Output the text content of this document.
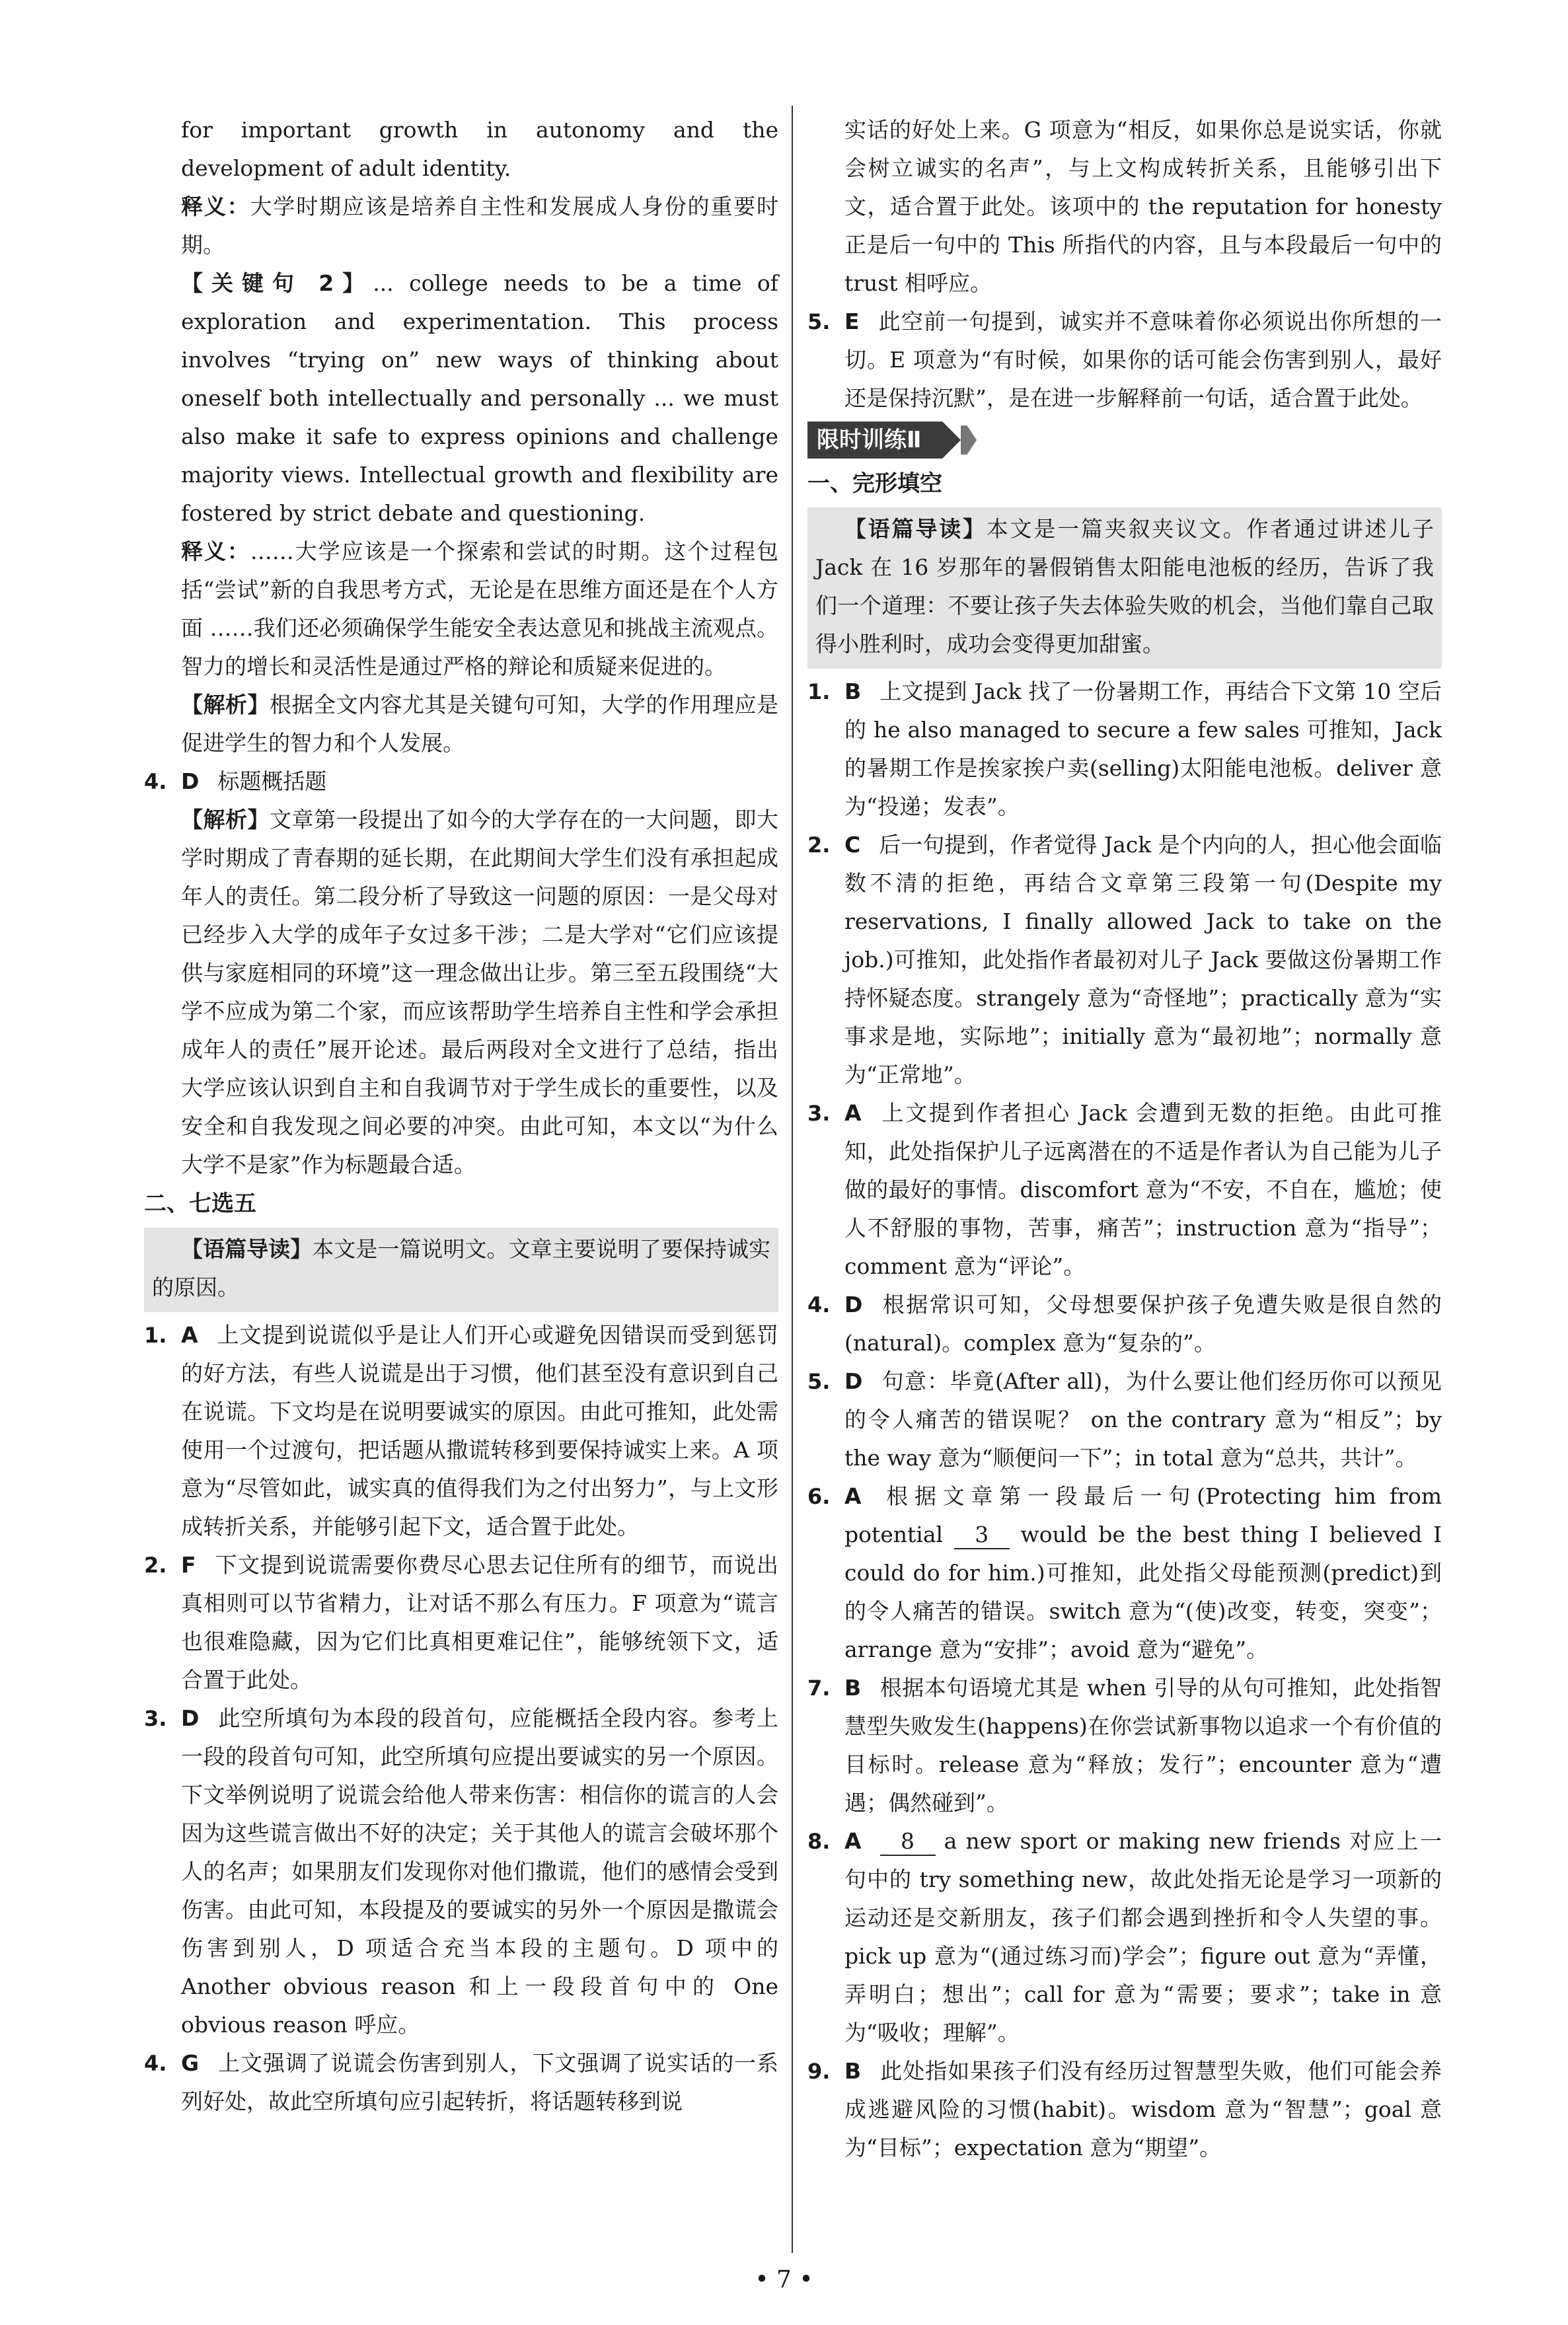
for important growth in autonomy and the development of adult identity.

释义：大学时期应该是培养自主性和发展成人身份的重要时期。

【关键句 2】... college needs to be a time of exploration and experimentation. This process involves “trying on” new ways of thinking about oneself both intellectually and personally ... we must also make it safe to express opinions and challenge majority views. Intellectual growth and flexibility are fostered by strict debate and questioning.

释义：……大学应该是一个探索和尝试的时期。这个过程包括“尝试”新的自我思考方式，无论是在思维方面还是在个人方面 ……我们还必须确保学生能安全表达意见和挑战主流观点。智力的增长和灵活性是通过严格的辩论和质疑来促进的。

【解析】根据全文内容尤其是关键句可知，大学的作用理应是促进学生的智力和个人发展。

4. D 标题概括题

【解析】文章第一段提出了如今的大学存在的一大问题，即大学时期成了青春期的延长期，在此期间大学生们没有承担起成年人的责任。第二段分析了导致这一问题的原因：一是父母对已经步入大学的成年子女过多干涉；二是大学对“它们应该提供与家庭相同的环境”这一理念做出让步。第三至五段围绕“大学不应成为第二个家，而应该帮助学生培养自主性和学会承担成年人的责任”展开论述。最后两段对全文进行了总结，指出大学应该认识到自主和自我调节对于学生成长的重要性，以及安全和自我发现之间必要的冲突。由此可知，本文以“为什么大学不是家”作为标题最合适。

二、七选五

【语篇导读】本文是一篇说明文。文章主要说明了要保持诚实的原因。

1. A 上文提到说谎似乎是让人们开心或避免因错误而受到惩罚的好方法，有些人说谎是出于习惯，他们甚至没有意识到自己在说谎。下文均是在说明要诚实的原因。由此可推知，此处需使用一个过渡句，把话题从撒谎转移到要保持诚实上来。A 项意为“尽管如此，诚实真的值得我们为之付出努力”，与上文形成转折关系，并能够引起下文，适合置于此处。

2. F 下文提到说谎需要你费尽心思去记住所有的细节，而说出真相则可以节省精力，让对话不那么有压力。F 项意为“谎言也很难隐藏，因为它们比真相更难记住”，能够统领下文，适合置于此处。

3. D 此空所填句为本段的段首句，应能概括全段内容。参考上一段的段首句可知，此空所填句应提出要诚实的另一个原因。下文举例说明了说谎会给他人带来伤害：相信你的谎言的人会因为这些谎言做出不好的决定；关于其他人的谎言会破坏那个人的名声；如果朋友们发现你对他们撒谎，他们的感情会受到伤害。由此可知，本段提及的要诚实的另外一个原因是撒谎会伤害到别人，D 项适合充当本段的主题句。D 项中的 Another obvious reason 和上一段段首句中的 One obvious reason 呼应。

4. G 上文强调了说谎会伤害到别人，下文强调了说实话的一系列好处，故此空所填句应引起转折，将话题转移到说

实话的好处上来。G 项意为“相反，如果你总是说实话，你就会树立诚实的名声”，与上文构成转折关系，且能够引出下文，适合置于此处。该项中的 the reputation for honesty 正是后一句中的 This 所指代的内容，且与本段最后一句中的 trust 相呼应。

5. E 此空前一句提到，诚实并不意味着你必须说出你所想的一切。E 项意为“有时候，如果你的话可能会伤害到别人，最好还是保持沉默”，是在进一步解释前一句话，适合置于此处。

限时训练Ⅱ

一、完形填空

【语篇导读】本文是一篇夹叙夹议文。作者通过讲述儿子 Jack 在 16 岁那年的暑假销售太阳能电池板的经历，告诉了我们一个道理：不要让孩子失去体验失败的机会，当他们靠自己取得小胜利时，成功会变得更加甜蜜。

1. B 上文提到 Jack 找了一份暑期工作，再结合下文第 10 空后的 he also managed to secure a few sales 可推知，Jack 的暑期工作是挨家挨户卖(selling)太阳能电池板。deliver 意为“投递；发表”。

2. C 后一句提到，作者觉得 Jack 是个内向的人，担心他会面临数不清的拒绝，再结合文章第三段第一句(Despite my reservations, I finally allowed Jack to take on the job.)可推知，此处指作者最初对儿子 Jack 要做这份暑期工作持怀疑态度。strangely 意为“奇怪地”；practically 意为“实事求是地，实际地”；initially 意为“最初地”；normally 意为“正常地”。

3. A 上文提到作者担心 Jack 会遭到无数的拒绝。由此可推知，此处指保护儿子远离潜在的不适是作者认为自己能为儿子做的最好的事情。discomfort 意为“不安，不自在，尴尬；使人不舒服的事物，苦事，痛苦”；instruction 意为“指导”；comment 意为“评论”。

4. D 根据常识可知，父母想要保护孩子免遭失败是很自然的(natural)。complex 意为“复杂的”。

5. D 句意：毕竟(After all)，为什么要让他们经历你可以预见的令人痛苦的错误呢？ on the contrary 意为“相反”；by the way 意为“顺便问一下”；in total 意为“总共，共计”。

6. A 根据文章第一段最后一句(Protecting him from potential 3 would be the best thing I believed I could do for him.)可推知，此处指父母能预测(predict)到的令人痛苦的错误。switch 意为“(使)改变，转变，突变”；arrange 意为“安排”；avoid 意为“避免”。

7. B 根据本句语境尤其是 when 引导的从句可推知，此处指智慧型失败发生(happens)在你尝试新事物以追求一个有价值的目标时。release 意为“释放；发行”；encounter 意为“遭遇；偶然碰到”。

8. A 8 a new sport or making new friends 对应上一句中的 try something new，故此处指无论是学习一项新的运动还是交新朋友，孩子们都会遇到挫折和令人失望的事。pick up 意为“(通过练习而)学会”；figure out 意为“弄懂，弄明白；想出”；call for 意为“需要；要求”；take in 意为“吸收；理解”。

9. B 此处指如果孩子们没有经历过智慧型失败，他们可能会养成逃避风险的习惯(habit)。wisdom 意为“智慧”；goal 意为“目标”；expectation 意为“期望”。

• 7 •
